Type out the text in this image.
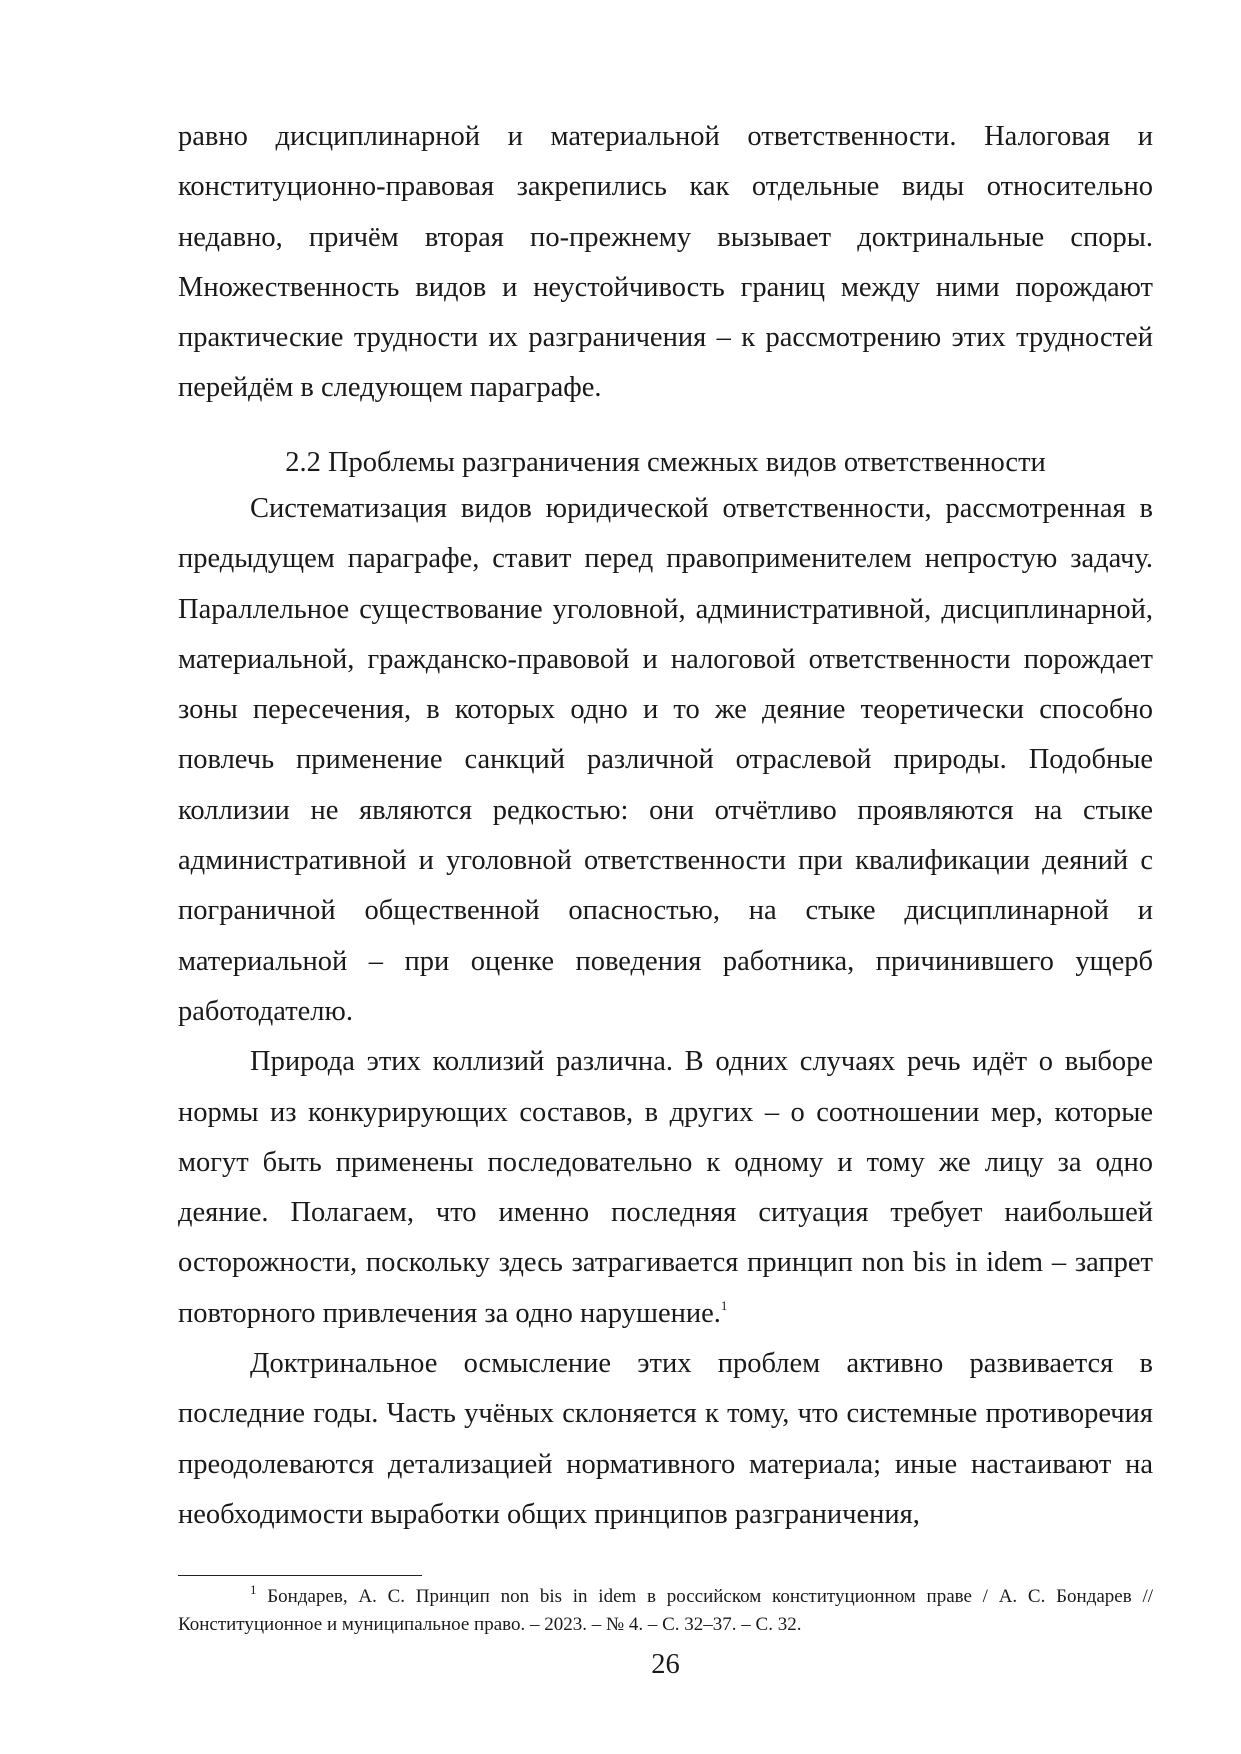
равно дисциплинарной и материальной ответственности. Налоговая и конституционно-правовая закрепились как отдельные виды относительно недавно, причём вторая по-прежнему вызывает доктринальные споры. Множественность видов и неустойчивость границ между ними порождают практические трудности их разграничения – к рассмотрению этих трудностей перейдём в следующем параграфе.

2.2 Проблемы разграничения смежных видов ответственности

Систематизация видов юридической ответственности, рассмотренная в предыдущем параграфе, ставит перед правоприменителем непростую задачу. Параллельное существование уголовной, административной, дисциплинарной, материальной, гражданско-правовой и налоговой ответственности порождает зоны пересечения, в которых одно и то же деяние теоретически способно повлечь применение санкций различной отраслевой природы. Подобные коллизии не являются редкостью: они отчётливо проявляются на стыке административной и уголовной ответственности при квалификации деяний с пограничной общественной опасностью, на стыке дисциплинарной и материальной – при оценке поведения работника, причинившего ущерб работодателю.

Природа этих коллизий различна. В одних случаях речь идёт о выборе нормы из конкурирующих составов, в других – о соотношении мер, которые могут быть применены последовательно к одному и тому же лицу за одно деяние. Полагаем, что именно последняя ситуация требует наибольшей осторожности, поскольку здесь затрагивается принцип non bis in idem – запрет повторного привлечения за одно нарушение.$^1$

Доктринальное осмысление этих проблем активно развивается в последние годы. Часть учёных склоняется к тому, что системные противоречия преодолеваются детализацией нормативного материала; иные настаивают на необходимости выработки общих принципов разграничения,

1 Бондарев, А. С. Принцип non bis in idem в российском конституционном праве / А. С. Бондарев // Конституционное и муниципальное право. – 2023. – № 4. – С. 32–37. – С. 32.

26
